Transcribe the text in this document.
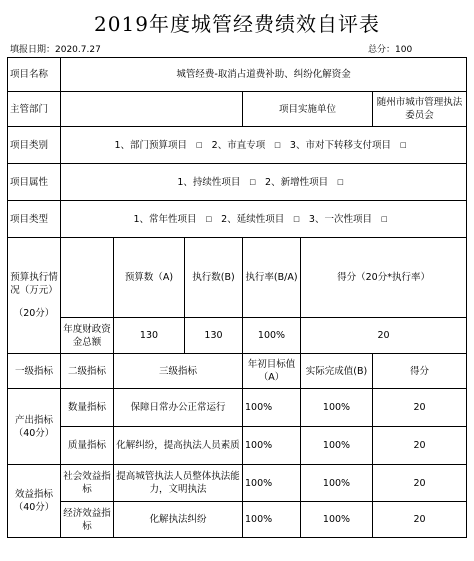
2019年度城管经费绩效自评表
填报日期：2020.7.27	总分：100
项目名称	城管经费-取消占道费补助、纠纷化解资金					
主管部门				项目实施单位		随州市城市管理执法委员会
项目类别	1、部门预算项目 □ 2、市直专项 □ 3、市对下转移支付项目 □					
项目属性	1、持续性项目 □ 2、新增性项目 □					
项目类型	1、常年性项目 □ 2、延续性项目 □ 3、一次性项目 □					

预算执行情况（万元）
（20分）		预算数（A)	执行数(B)	执行率(B/A)	得分（20分*执行率）	
	年度财政资金总额	130	130	100%	20	
一级指标	二级指标	三级指标		年初目标值（A）	实际完成值(B)	得分
产出指标（40分）	数量指标	保障日常办公正常运行		100%	100%	20
	质量指标	化解纠纷，提高执法人员素质		100%	100%	20
效益指标（40分）	社会效益指标	提高城管执法人员整体执法能力，文明执法		100%	100%	20
	经济效益指标	化解执法纠纷		100%	100%	20
